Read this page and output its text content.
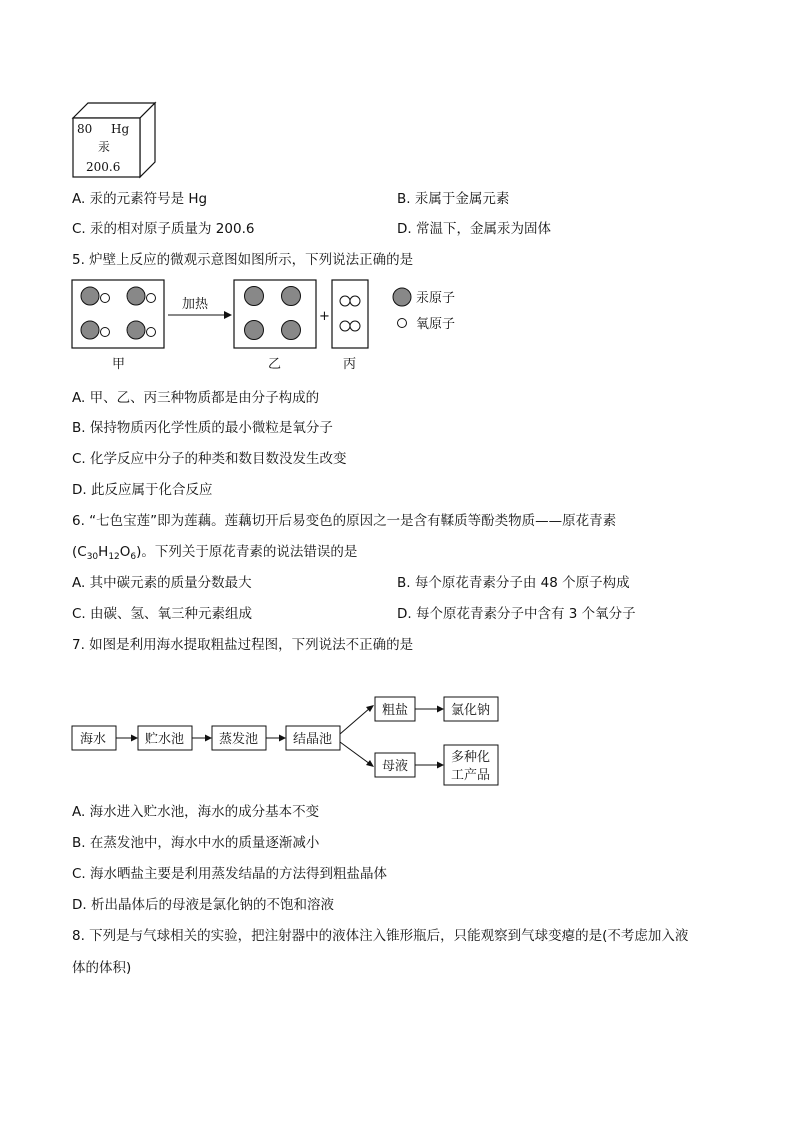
80 Hg
汞
200.6
A. 汞的元素符号是 Hg	B. 汞属于金属元素
C. 汞的相对原子质量为 200.6	D. 常温下，金属汞为固体
5. 炉壁上反应的微观示意图如图所示，下列说法正确的是
甲
加热
乙
+
丙
汞原子
氧原子
A. 甲、乙、丙三种物质都是由分子构成的
B. 保持物质丙化学性质的最小微粒是氧分子
C. 化学反应中分子的种类和数目数没发生改变
D. 此反应属于化合反应
6. “七色宝莲”即为莲藕。莲藕切开后易变色的原因之一是含有鞣质等酚类物质——原花青素
$(C_{30}H_{12}O_6)$。下列关于原花青素的说法错误的是
A. 其中碳元素的质量分数最大	B. 每个原花青素分子由 48 个原子构成
C. 由碳、氢、氧三种元素组成	D. 每个原花青素分子中含有 3 个氧分子
7. 如图是利用海水提取粗盐过程图，下列说法不正确的是
海水	贮水池	蒸发池	结晶池
粗盐	氯化钠
母液
多种化
工产品
A. 海水进入贮水池，海水的成分基本不变
B. 在蒸发池中，海水中水的质量逐渐减小
C. 海水晒盐主要是利用蒸发结晶的方法得到粗盐晶体
D. 析出晶体后的母液是氯化钠的不饱和溶液
8. 下列是与气球相关的实验，把注射器中的液体注入锥形瓶后，只能观察到气球变瘪的是(不考虑加入液
体的体积)
